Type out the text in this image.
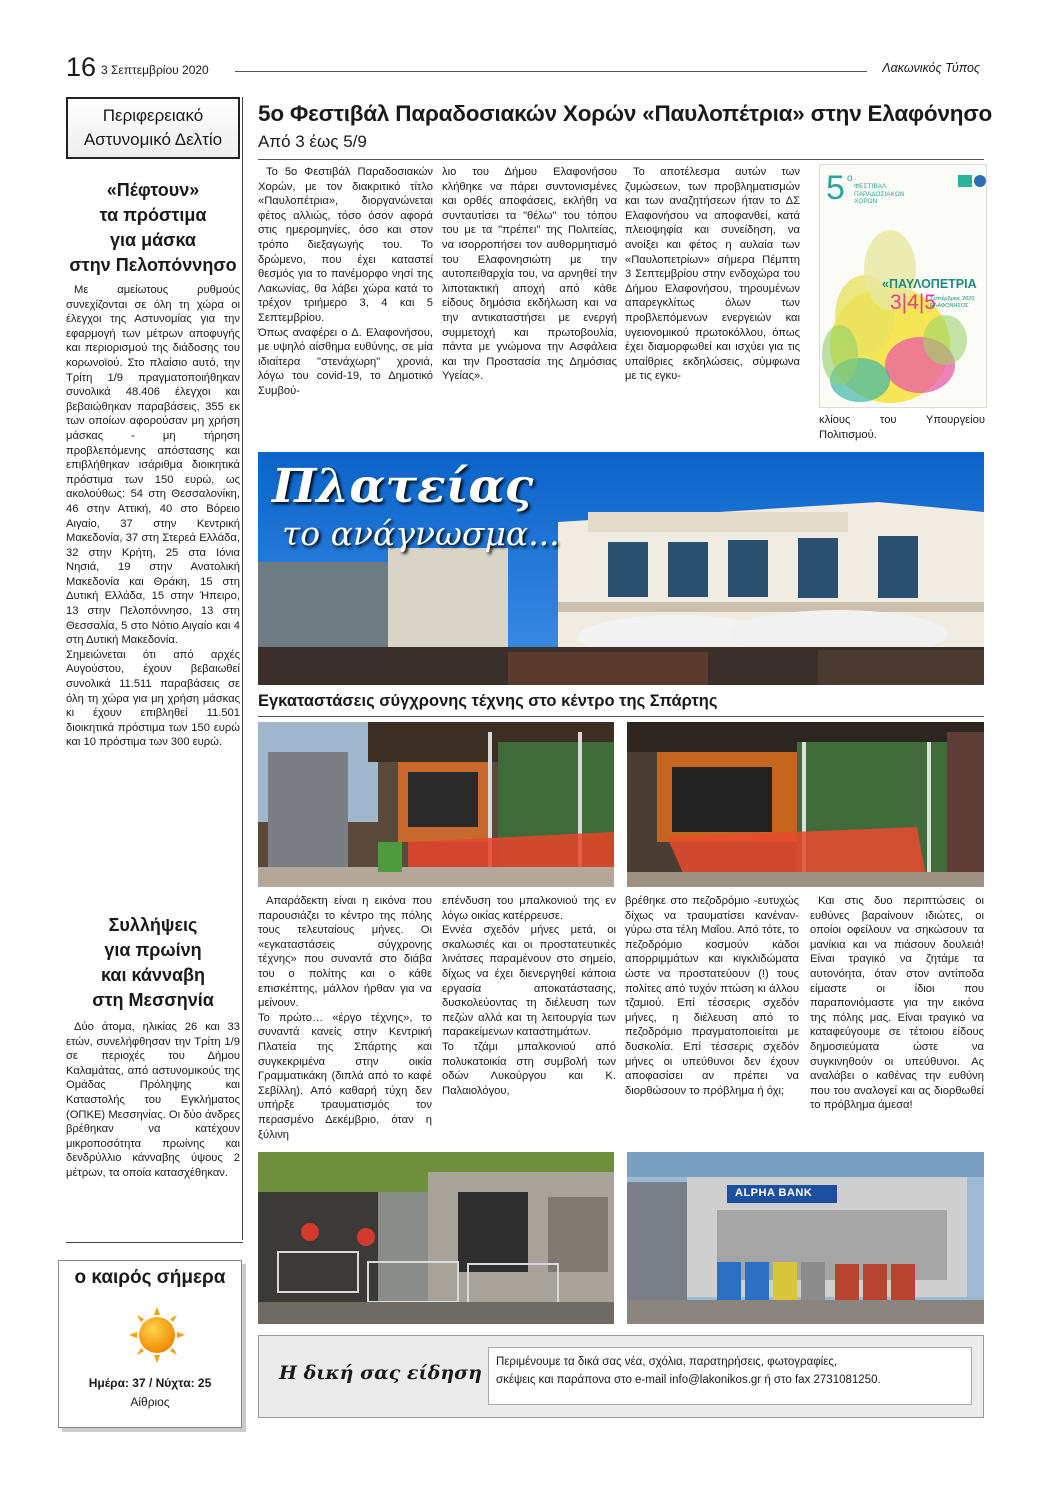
16 3 Σεπτεμβρίου 2020	Λακωνικός Τύπος
Περιφερειακό
Αστυνομικό Δελτίο
«Πέφτουν»
τα πρόστιμα
για μάσκα
στην Πελοπόννησο

Με αμείωτους ρυθμούς συνεχίζονται σε όλη τη χώρα οι έλεγχοι της Αστυνομίας για την εφαρμογή των μέτρων αποφυγής και περιορισμού της διάδοσης του κορωνοϊού. Στο πλαίσιο αυτό, την Τρίτη 1/9 πραγματοποιήθηκαν συνολικά 48.406 έλεγχοι και βεβαιώθηκαν παραβάσεις, 355 εκ των οποίων αφορούσαν μη χρήση μάσκας - μη τήρηση προβλεπόμενης απόστασης και επιβλήθηκαν ισάριθμα διοικητικά πρόστιμα των 150 ευρώ, ως ακολούθως: 54 στη Θεσσαλονίκη, 46 στην Αττική, 40 στο Βόρειο Αιγαίο, 37 στην Κεντρική Μακεδονία, 37 στη Στερεά Ελλάδα, 32 στην Κρήτη, 25 στα Ιόνια Νησιά, 19 στην Ανατολική Μακεδονία και Θράκη, 15 στη Δυτική Ελλάδα, 15 στην Ήπειρο, 13 στην Πελοπόννησο, 13 στη Θεσσαλία, 5 στο Νότιο Αιγαίο και 4 στη Δυτική Μακεδονία.
Σημειώνεται ότι από αρχές Αυγούστου, έχουν βεβαιωθεί συνολικά 11.511 παραβάσεις σε όλη τη χώρα για μη χρήση μάσκας κι έχουν επιβληθεί 11.501 διοικητικά πρόστιμα των 150 ευρώ και 10 πρόστιμα των 300 ευρώ.

Συλλήψεις
για πρωίνη
και κάνναβη
στη Μεσσηνία

Δύο άτομα, ηλικίας 26 και 33 ετών, συνελήφθησαν την Τρίτη 1/9 σε περιοχές του Δήμου Καλαμάτας, από αστυνομικούς της Ομάδας Πρόληψης και Καταστολής του Εγκλήματος (ΟΠΚΕ) Μεσσηνίας. Οι δύο άνδρες βρέθηκαν να κατέχουν μικροποσότητα πρωίνης και δενδρύλλιο κάνναβης ύψους 2 μέτρων, τα οποία κατασχέθηκαν.

ο καιρός σήμερα
Ημέρα: 37 / Νύχτα: 25
Αίθριος
5ο Φεστιβάλ Παραδοσιακών Χορών «Παυλοπέτρια» στην Ελαφόνησο
Από 3 έως 5/9

Το 5ο Φεστιβάλ Παραδοσιακών Χορών, με τον διακριτικό τίτλο «Παυλοπέτρια», διοργανώνεται φέτος αλλιώς, τόσο όσον αφορά στις ημερομηνίες, όσο και στον τρόπο διεξαγωγής του. Το δρώμενο, που έχει καταστεί θεσμός για το πανέμορφο νησί της Λακωνίας, θα λάβει χώρα κατά το τρέχον τριήμερο 3, 4 και 5 Σεπτεμβρίου.
Όπως αναφέρει ο Δ. Ελαφονήσου, με υψηλό αίσθημα ευθύνης, σε μία ιδιαίτερα "στενάχωρη" χρονιά, λόγω του covid-19, το Δημοτικό Συμβού-

λιο του Δήμου Ελαφονήσου κλήθηκε να πάρει συντονισμένες και ορθές αποφάσεις, εκλήθη να συνταυτίσει τα "θέλω" του τόπου του με τα "πρέπει" της Πολιτείας, να ισορροπήσει τον αυθορμητισμό του Ελαφονησιώτη με την αυτοπειθαρχία του, να αρνηθεί την λιποτακτική αποχή από κάθε είδους δημόσια εκδήλωση και να την αντικαταστήσει με ενεργή συμμετοχή και πρωτοβουλία, πάντα με γνώμονα την Ασφάλεια και την Προστασία της Δημόσιας Υγείας».

Το αποτέλεσμα αυτών των ζυμώσεων, των προβληματισμών και των αναζητήσεων ήταν το ΔΣ Ελαφονήσου να αποφανθεί, κατά πλειοψηφία και συνείδηση, να ανοίξει και φέτος η αυλαία των «Παυλοπετρίων» σήμερα Πέμπτη 3 Σεπτεμβρίου στην ενδοχώρα του Δήμου Ελαφονήσου, τηρουμένων απαρεγκλίτως όλων των προβλεπόμενων ενεργειών και υγειονομικού πρωτοκόλλου, όπως έχει διαμορφωθεί και ισχύει για τις υπαίθριες εκδηλώσεις, σύμφωνα με τις εγκυ-

κλίους του Υπουργείου Πολιτισμού.

5 ο
ΦΕΣΤΙΒΑΛ
ΠΑΡΑΔΟΣΙΑΚΩΝ
ΧΟΡΩΝ
«ΠΑΥΛΟΠΕΤΡΙΑ
3|4|5
Σεπτέμβριος 2020
ΕΛΑΦΟΝΗΣΟΣ
Πλατείας
το ανάγνωσμα...
Εγκαταστάσεις σύγχρονης τέχνης στο κέντρο της Σπάρτης

Απαράδεκτη είναι η εικόνα που παρουσιάζει το κέντρο της πόλης τους τελευταίους μήνες. Οι «εγκαταστάσεις σύγχρονης τέχνης» που συναντά στο διάβα του ο πολίτης και ο κάθε επισκέπτης, μάλλον ήρθαν για να μείνουν.
Το πρώτο… «έργο τέχνης», το συναντά κανείς στην Κεντρική Πλατεία της Σπάρτης και συγκεκριμένα στην οικία Γραμματικάκη (διπλά από το καφέ Σεβίλλη). Από καθαρή τύχη δεν υπήρξε τραυματισμός τον περασμένο Δεκέμβριο, όταν η ξύλινη

επένδυση του μπαλκονιού της εν λόγω οικίας κατέρρευσε.
Εννέα σχεδόν μήνες μετά, οι σκαλωσιές και οι προστατευτικές λινάτσες παραμένουν στο σημείο, δίχως να έχει διενεργηθεί κάποια εργασία αποκατάστασης, δυσκολεύοντας τη διέλευση των πεζών αλλά και τη λειτουργία των παρακείμενων καταστημάτων.
Το τζάμι μπαλκονιού από πολυκατοικία στη συμβολή των οδών Λυκούργου και Κ. Παλαιολόγου,

βρέθηκε στο πεζοδρόμιο -ευτυχώς δίχως να τραυματίσει κανέναν- γύρω στα τέλη Μαΐου. Από τότε, το πεζοδρόμιο κοσμούν κάδοι απορριμμάτων και κιγκλιδώματα ώστε να προστατεύουν (!) τους πολίτες από τυχόν πτώση κι άλλου τζαμιού. Επί τέσσερις σχεδόν μήνες, η διέλευση από το πεζοδρόμιο πραγματοποιείται με δυσκολία. Επί τέσσερις σχεδόν μήνες οι υπεύθυνοι δεν έχουν αποφασίσει αν πρέπει να διορθώσουν το πρόβλημα ή όχι;

Και στις δυο περιπτώσεις οι ευθύνες βαραίνουν ιδιώτες, οι οποίοι οφείλουν να σηκώσουν τα μανίκια και να πιάσουν δουλειά! Είναι τραγικό να ζητάμε τα αυτονόητα, όταν στον αντίποδα είμαστε οι ίδιοι που παραπονιόμαστε για την εικόνα της πόλης μας. Είναι τραγικό να καταφεύγουμε σε τέτοιου είδους δημοσιεύματα ώστε να συγκινηθούν οι υπεύθυνοι. Ας αναλάβει ο καθένας την ευθύνη που του αναλογεί και ας διορθωθεί το πρόβλημα άμεσα!

ALPHA BANK
Η δική σας είδηση Περιμένουμε τα δικά σας νέα, σχόλια, παρατηρήσεις, φωτογραφίες,
σκέψεις και παράπονα στο e-mail info@lakonikos.gr ή στο fax 2731081250.
